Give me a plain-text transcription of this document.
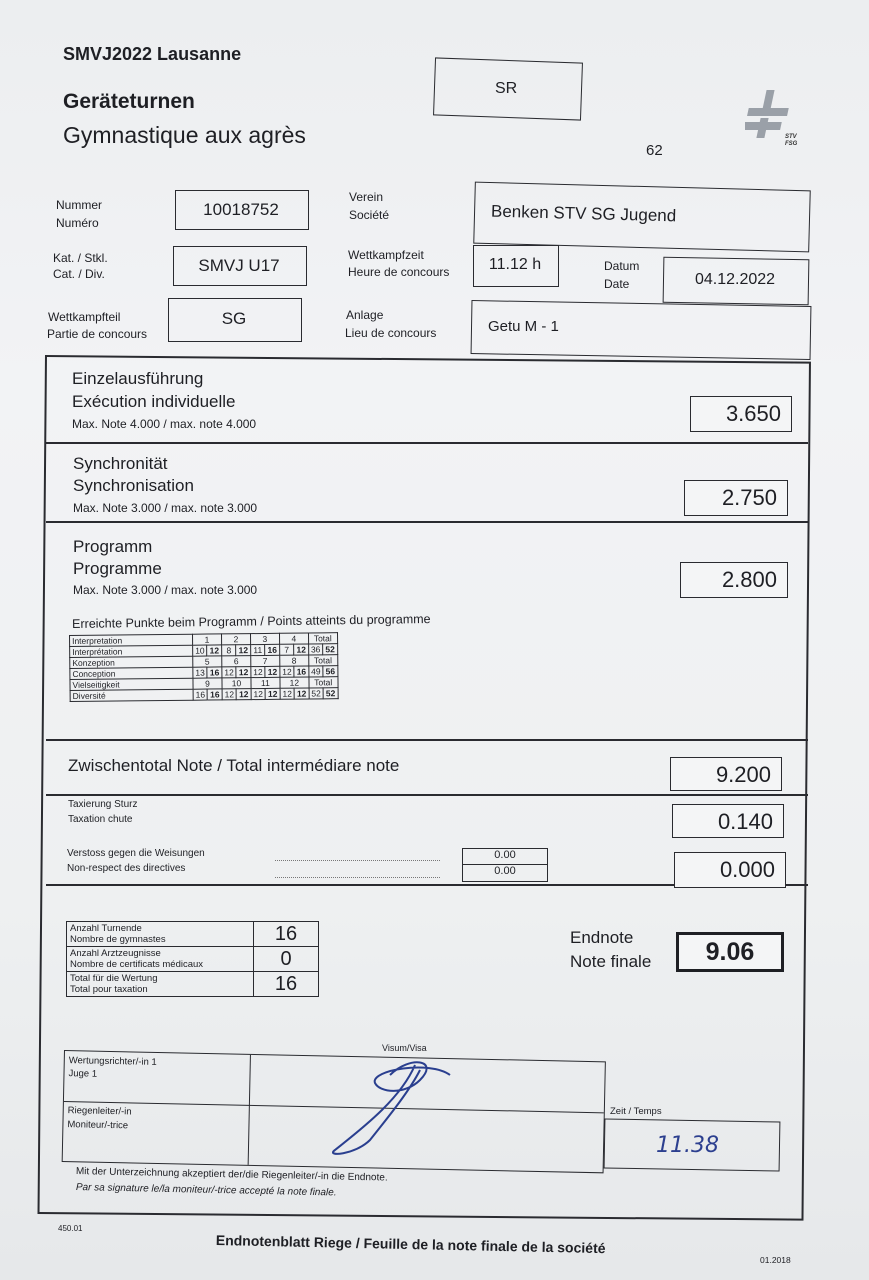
SMVJ2022 Lausanne
Geräteturnen
Gymnastique aux agrès
SR
62
STV FSG
Nummer
Numéro
10018752
Verein
Société	Benken STV SG Jugend
Kat. / Stkl.
Cat. / Div.	SMVJ U17
Wettkampfzeit
Heure de concours	11.12 h	Datum
Date	04.12.2022
Wettkampfteil
Partie de concours
SG	Anlage
Lieu de concours	Getu M - 1
Einzelausführung
Exécution individuelle
Max. Note 4.000 / max. note 4.000	3.650
Synchronität
Synchronisation
Max. Note 3.000 / max. note 3.000	2.750
Programm
Programme
Max. Note 3.000 / max. note 3.000	2.800
Erreichte Punkte beim Programm / Points atteints du programme
Interpretation	1		2		3		4		Total	
Interprétation	10	12	8	12	11	16	7	12	36	52
Konzeption	5		6		7		8		Total	
Conception	13	16	12	12	12	12	12	16	49	56
Vielseitigkeit	9		10		11		12		Total	
Diversité	16	16	12	12	12	12	12	12	52	52
Zwischentotal Note / Total intermédiare note	9.200
Taxierung Sturz
Taxation chute	0.140
Verstoss gegen die Weisungen
Non-respect des directives
0.00
0.00	0.000
Anzahl Turnende
Nombre de gymnastes	16

Anzahl Arztzeugnisse
Nombre de certificats médicaux	0

Total für die Wertung
Total pour taxation	16
Endnote
Note finale	9.06
Visum/Visa
Wertungsrichter/-in 1
Juge 1
Riegenleiter/-in
Moniteur/-trice
Zeit / Temps
11.38
Mit der Unterzeichnung akzeptiert der/die Riegenleiter/-in die Endnote.
Par sa signature le/la moniteur/-trice accepté la note finale.
450.01
Endnotenblatt Riege / Feuille de la note finale de la société
01.2018
